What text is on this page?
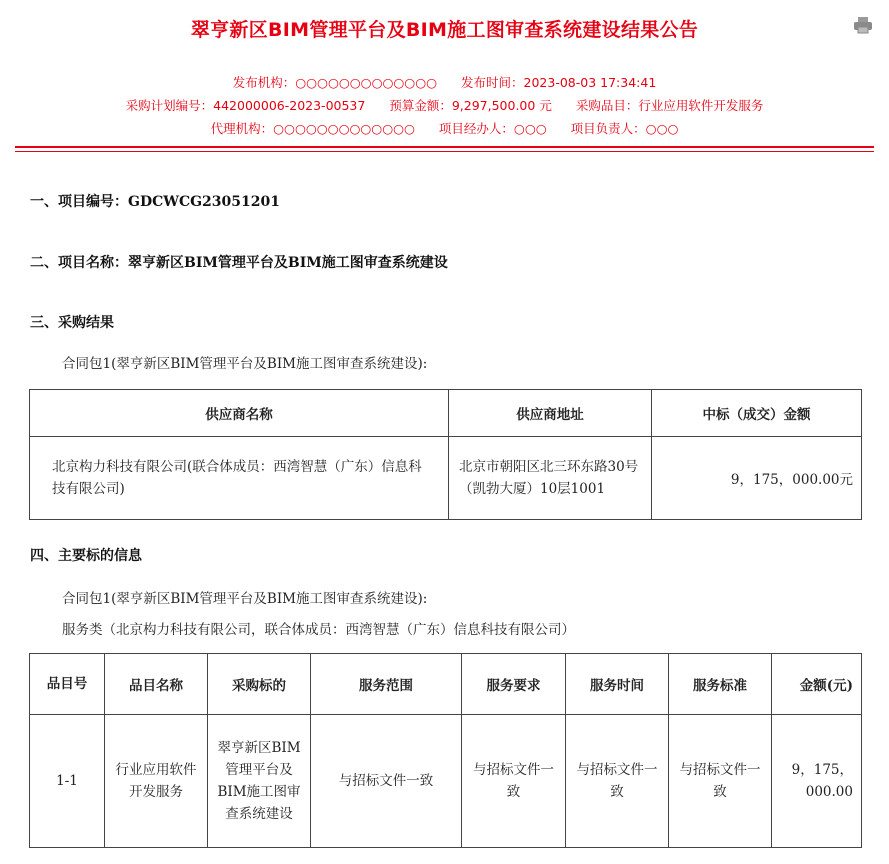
翠亨新区BIM管理平台及BIM施工图审查系统建设结果公告
发布机构：○○○○○○○○○○○○○ 发布时间：2023-08-03 17:34:41
采购计划编号：442000006-2023-00537 预算金额：9,297,500.00 元 采购品目：行业应用软件开发服务
代理机构：○○○○○○○○○○○○○ 项目经办人：○○○ 项目负责人：○○○
一、项目编号：GDCWCG23051201
二、项目名称：翠亨新区BIM管理平台及BIM施工图审查系统建设
三、采购结果
合同包1(翠亨新区BIM管理平台及BIM施工图审查系统建设):
供应商名称	供应商地址	中标（成交）金额
北京构力科技有限公司(联合体成员：西湾智慧（广东）信息科技有限公司)	北京市朝阳区北三环东路30号（凯勃大厦）10层1001	9，175，000.00元
四、主要标的信息
合同包1(翠亨新区BIM管理平台及BIM施工图审查系统建设):
服务类（北京构力科技有限公司，联合体成员：西湾智慧（广东）信息科技有限公司）
品目号	品目名称	采购标的	服务范围	服务要求	服务时间	服务标准	金额(元)
1-1	行业应用软件开发服务	翠亨新区BIM管理平台及BIM施工图审查系统建设	与招标文件一致	与招标文件一致	与招标文件一致	与招标文件一致	9，175，000.00
